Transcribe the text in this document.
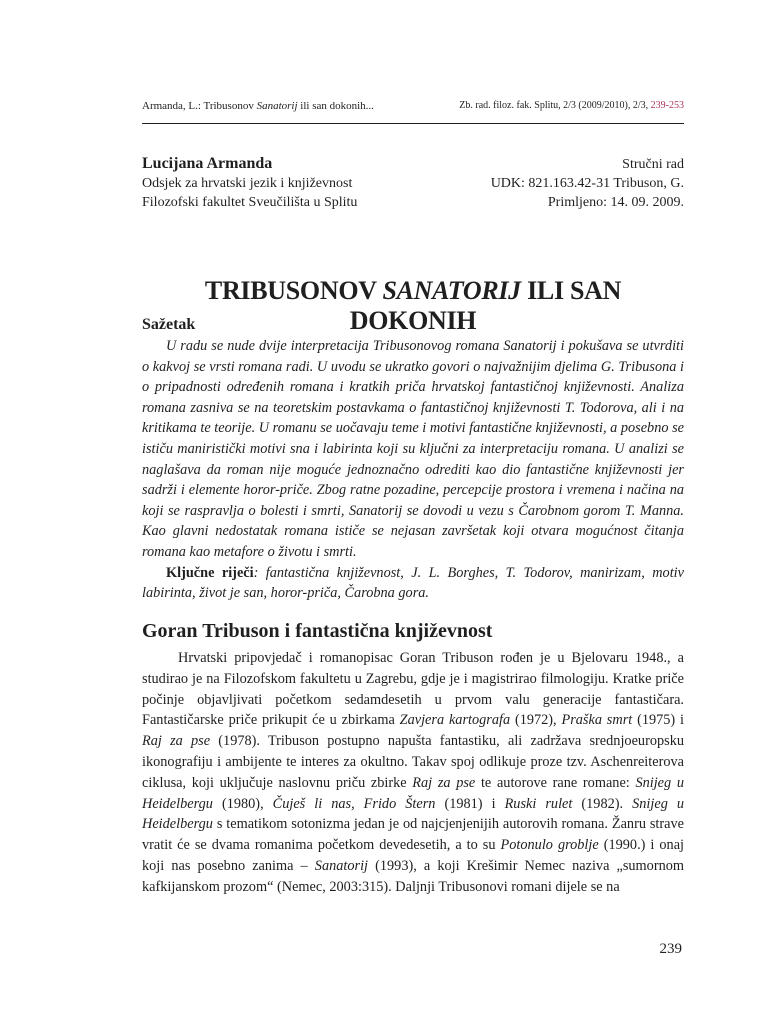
Armanda, L.: Tribusonov Sanatorij ili san dokonih...	Zb. rad. filoz. fak. Splitu, 2/3 (2009/2010), 2/3, 239-253
Lucijana Armanda
Odsjek za hrvatski jezik i književnost
Filozofski fakultet Sveučilišta u Splitu
Stručni rad
UDK: 821.163.42-31 Tribuson, G.
Primljeno: 14. 09. 2009.
TRIBUSONOV SANATORIJ ILI SAN DOKONIH
Sažetak

U radu se nude dvije interpretacija Tribusonovog romana Sanatorij i pokušava se utvrditi o kakvoj se vrsti romana radi. U uvodu se ukratko govori o najvažnijim djelima G. Tribusona i o pripadnosti određenih romana i kratkih priča hrvatskoj fantastičnoj književnosti. Analiza romana zasniva se na teoretskim postavkama o fantastičnoj književnosti T. Todorova, ali i na kritikama te teorije. U romanu se uočavaju teme i motivi fantastične književnosti, a posebno se ističu maniristički motivi sna i labirinta koji su ključni za interpretaciju romana. U analizi se naglašava da roman nije moguće jednoznačno odrediti kao dio fantastične književnosti jer sadrži i elemente horor-priče. Zbog ratne pozadine, percepcije prostora i vremena i načina na koji se raspravlja o bolesti i smrti, Sanatorij se dovodi u vezu s Čarobnom gorom T. Manna. Kao glavni nedostatak romana ističe se nejasan završetak koji otvara mogućnost čitanja romana kao metafore o životu i smrti.

Ključne riječi: fantastična književnost, J. L. Borghes, T. Todorov, manirizam, motiv labirinta, život je san, horor-priča, Čarobna gora.

Goran Tribuson i fantastična književnost

Hrvatski pripovjedač i romanopisac Goran Tribuson rođen je u Bjelovaru 1948., a studirao je na Filozofskom fakultetu u Zagrebu, gdje je i magistrirao filmologiju. Kratke priče počinje objavljivati početkom sedamdesetih u prvom valu generacije fantastičara. Fantastičarske priče prikupit će u zbirkama Zavjera kartografa (1972), Praška smrt (1975) i Raj za pse (1978). Tribuson postupno napušta fantastiku, ali zadržava srednjoeuropsku ikonografiju i ambijente te interes za okultno. Takav spoj odlikuje proze tzv. Aschenreiterova ciklusa, koji uključuje naslovnu priču zbirke Raj za pse te autorove rane romane: Snijeg u Heidelbergu (1980), Čuješ li nas, Frido Štern (1981) i Ruski rulet (1982). Snijeg u Heidelbergu s tematikom sotonizma jedan je od najcjenjenijih autorovih romana. Žanru strave vratit će se dvama romanima početkom devedesetih, a to su Potonulo groblje (1990.) i onaj koji nas posebno zanima – Sanatorij (1993), a koji Krešimir Nemec naziva „sumornom kafkijanskom prozom“ (Nemec, 2003:315). Daljnji Tribusonovi romani dijele se na

239
